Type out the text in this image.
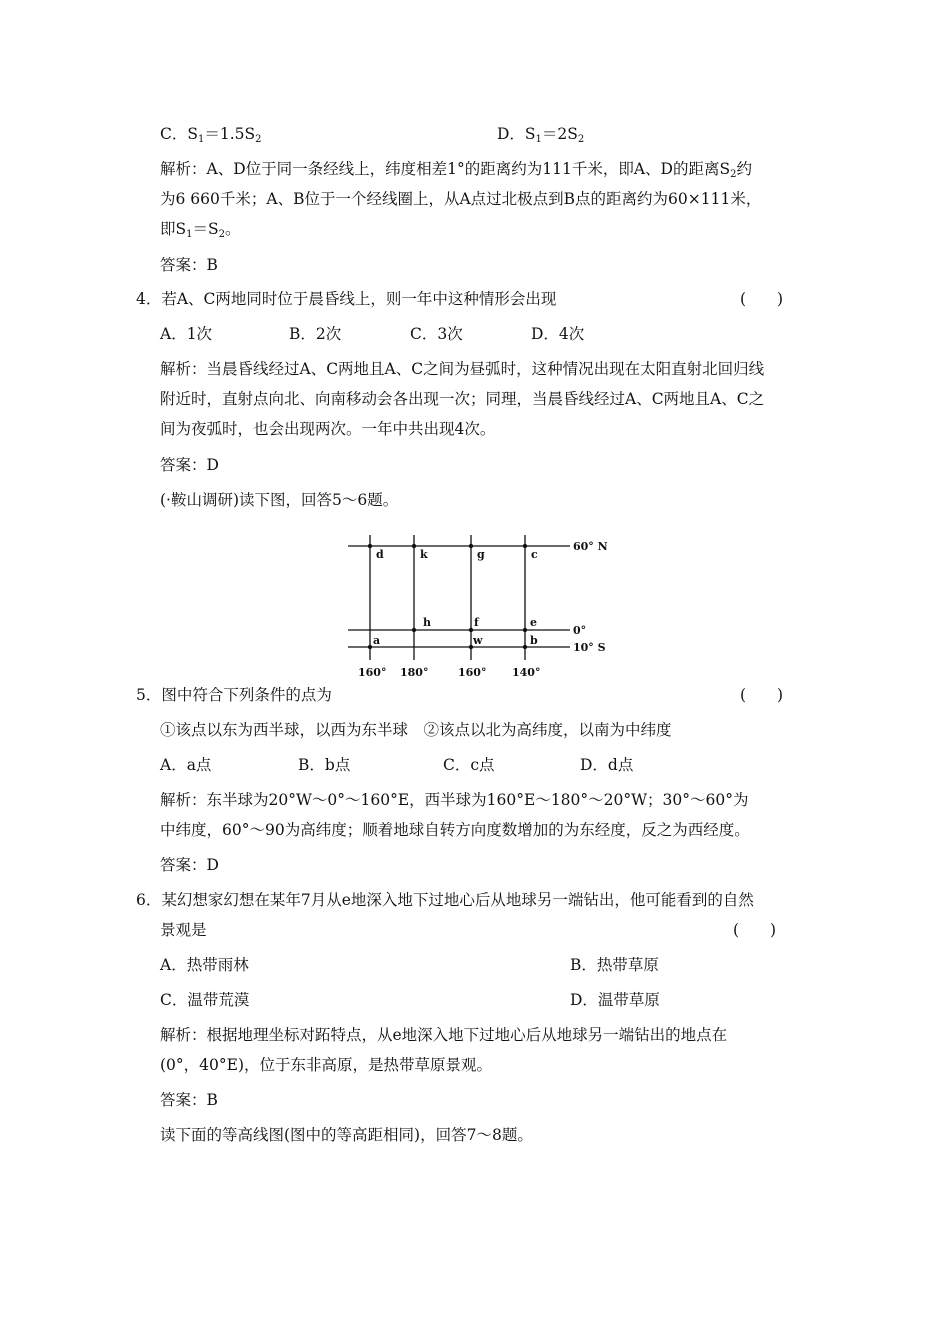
C．$S_1=1.5S_2$	D．$S_1=2S_2$
解析：A、D位于同一条经线上，纬度相差1°的距离约为111千米，即A、D的距离$S_2$约
为6 660千米；A、B位于一个经线圈上，从A点过北极点到B点的距离约为60×111米，
即$S_1=S_2$。
答案：B
4．若A、C两地同时位于晨昏线上，则一年中这种情形会出现	(　　)
A．1次	B．2次	C．3次	D．4次
解析：当晨昏线经过A、C两地且A、C之间为昼弧时，这种情况出现在太阳直射北回归线
附近时，直射点向北、向南移动会各出现一次；同理，当晨昏线经过A、C两地且A、C之
间为夜弧时，也会出现两次。一年中共出现4次。
答案：D
(·鞍山调研)读下图，回答5～6题。
d	k	g	c
h	f	e
a	w	b
60° N
0°
10° S
160° 180°	160° 140°
5．图中符合下列条件的点为	(　　)
①该点以东为西半球，以西为东半球　②该点以北为高纬度，以南为中纬度
A．a点	B．b点	C．c点	D．d点
解析：东半球为20°W～0°～160°E，西半球为160°E～180°～20°W；30°～60°为
中纬度，60°～90为高纬度；顺着地球自转方向度数增加的为东经度，反之为西经度。
答案：D
6．某幻想家幻想在某年7月从e地深入地下过地心后从地球另一端钻出，他可能看到的自然
景观是	(　　)
A．热带雨林	B．热带草原
C．温带荒漠	D．温带草原
解析：根据地理坐标对跖特点，从e地深入地下过地心后从地球另一端钻出的地点在
(0°，40°E)，位于东非高原，是热带草原景观。
答案：B
读下面的等高线图(图中的等高距相同)，回答7～8题。
